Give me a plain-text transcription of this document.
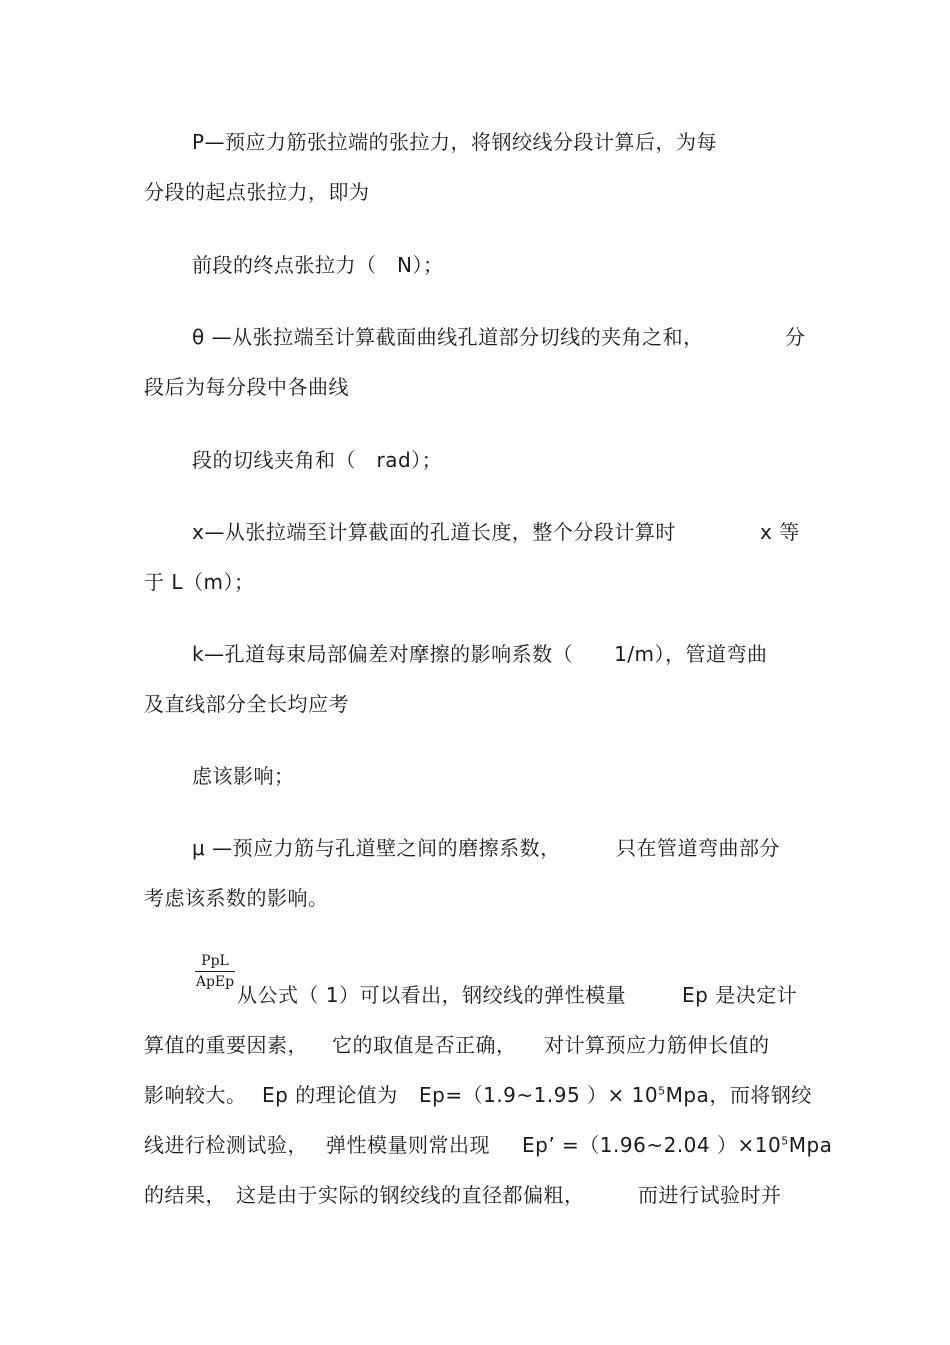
P—预应力筋张拉端的张拉力，将钢绞线分段计算后，为每
分段的起点张拉力，即为
前段的终点张拉力（　N）；
θ —从张拉端至计算截面曲线孔道部分切线的夹角之和，	分
段后为每分段中各曲线
段的切线夹角和（　rad）；
x—从张拉端至计算截面的孔道长度，整个分段计算时	x 等
于 L（m）；
k—孔道每束局部偏差对摩擦的影响系数（　　1/m），管道弯曲
及直线部分全长均应考
虑该影响；
μ —预应力筋与孔道壁之间的磨擦系数，	只在管道弯曲部分
考虑该系数的影响。
PpL
ApEp
从公式（ 1）可以看出，钢绞线的弹性模量	Ep 是决定计
算值的重要因素， 它的取值是否正确， 对计算预应力筋伸长值的
影响较大。 Ep 的理论值为 Ep=（1.9~1.95 ）× $10^5Mpa$，而将钢绞
线进行检测试验， 弹性模量则常出现 Ep’ =（1.96~2.04 ）$\times 10^5Mpa$
的结果， 这是由于实际的钢绞线的直径都偏粗，	而进行试验时并
